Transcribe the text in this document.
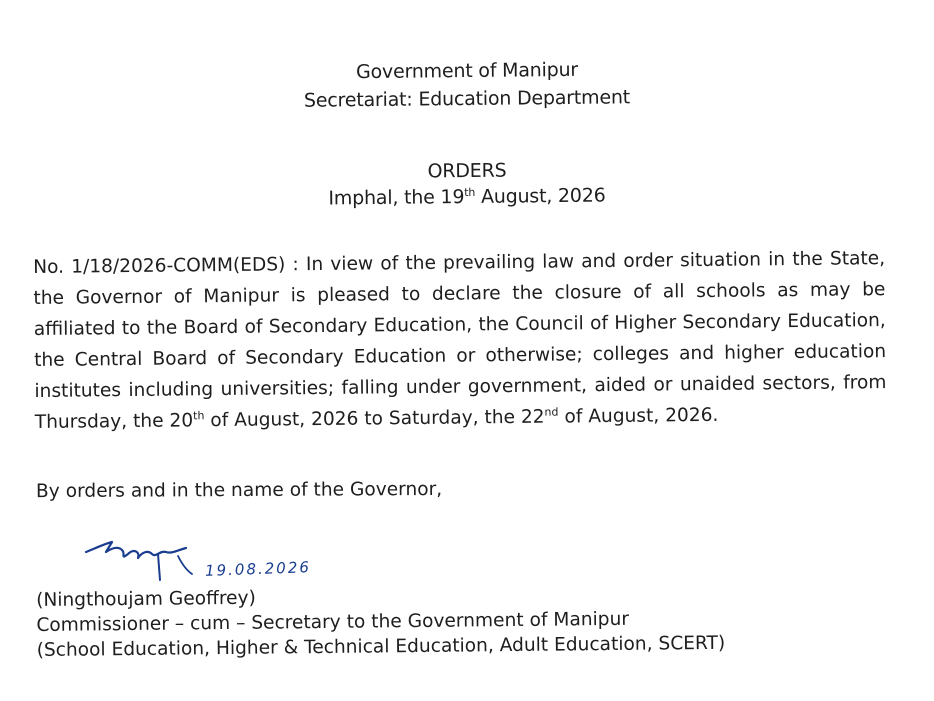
Government of Manipur
Secretariat: Education Department
ORDERS
Imphal, the 19th August, 2026
No. 1/18/2026-COMM(EDS) : In view of the prevailing law and order situation in the State, the Governor of Manipur is pleased to declare the closure of all schools as may be affiliated to the Board of Secondary Education, the Council of Higher Secondary Education, the Central Board of Secondary Education or otherwise; colleges and higher education institutes including universities; falling under government, aided or unaided sectors, from Thursday, the 20th of August, 2026 to Saturday, the 22nd of August, 2026.
By orders and in the name of the Governor,
19.08.2026
(Ningthoujam Geoffrey)
Commissioner – cum – Secretary to the Government of Manipur
(School Education, Higher & Technical Education, Adult Education, SCERT)
